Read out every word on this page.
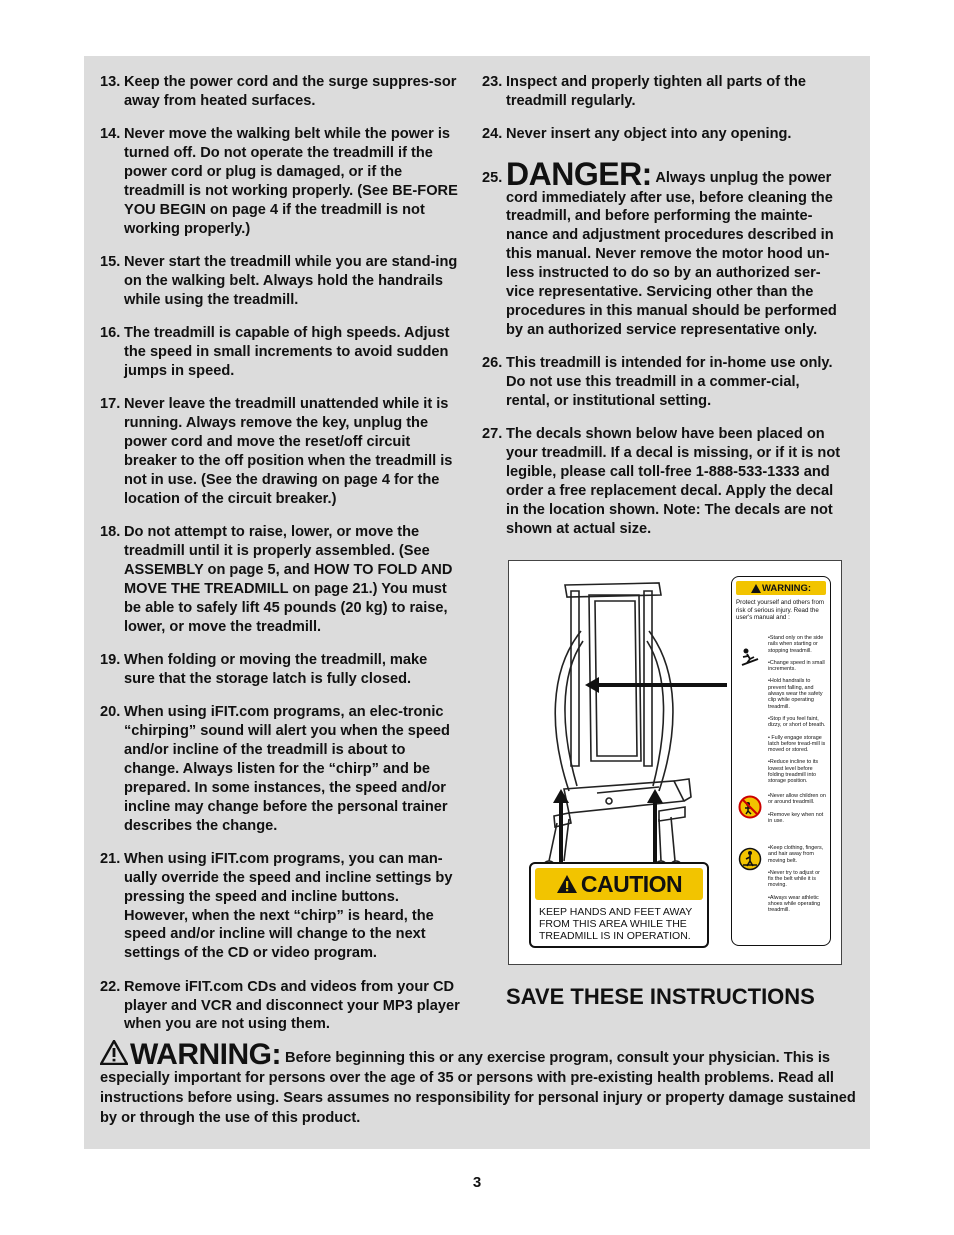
13. Keep the power cord and the surge suppres-sor away from heated surfaces.
14. Never move the walking belt while the power is turned off. Do not operate the treadmill if the power cord or plug is damaged, or if the treadmill is not working properly. (See BE-FORE YOU BEGIN on page 4 if the treadmill is not working properly.)
15. Never start the treadmill while you are stand-ing on the walking belt. Always hold the handrails while using the treadmill.
16. The treadmill is capable of high speeds. Adjust the speed in small increments to avoid sudden jumps in speed.
17. Never leave the treadmill unattended while it is running. Always remove the key, unplug the power cord and move the reset/off circuit breaker to the off position when the treadmill is not in use. (See the drawing on page 4 for the location of the circuit breaker.)
18. Do not attempt to raise, lower, or move the treadmill until it is properly assembled. (See ASSEMBLY on page 5, and HOW TO FOLD AND MOVE THE TREADMILL on page 21.) You must be able to safely lift 45 pounds (20 kg) to raise, lower, or move the treadmill.
19. When folding or moving the treadmill, make sure that the storage latch is fully closed.
20. When using iFIT.com programs, an elec-tronic “chirping” sound will alert you when the speed and/or incline of the treadmill is about to change. Always listen for the “chirp” and be prepared. In some instances, the speed and/or incline may change before the personal trainer describes the change.
21. When using iFIT.com programs, you can man-ually override the speed and incline settings by pressing the speed and incline buttons. However, when the next “chirp” is heard, the speed and/or incline will change to the next settings of the CD or video program.
22. Remove iFIT.com CDs and videos from your CD player and VCR and disconnect your MP3 player when you are not using them.
23. Inspect and properly tighten all parts of the treadmill regularly.
24. Never insert any object into any opening.
25. DANGER: Always unplug the power cord immediately after use, before cleaning the treadmill, and before performing the mainte-nance and adjustment procedures described in this manual. Never remove the motor hood un-less instructed to do so by an authorized ser-vice representative. Servicing other than the procedures in this manual should be performed by an authorized service representative only.
26. This treadmill is intended for in-home use only. Do not use this treadmill in a commer-cial, rental, or institutional setting.
27. The decals shown below have been placed on your treadmill. If a decal is missing, or if it is not legible, please call toll-free 1-888-533-1333 and order a free replacement decal. Apply the decal in the location shown. Note: The decals are not shown at actual size.
CAUTION
KEEP HANDS AND FEET AWAY FROM THIS AREA WHILE THE TREADMILL IS IN OPERATION.
WARNING:
Protect yourself and others from risk of serious injury. Read the user's manual and :
•Stand only on the side rails when starting or stopping treadmill.
•Change speed in small increments.
•Hold handrails to prevent falling, and always wear the safety clip while operating treadmill.
•Stop if you feel faint, dizzy, or short of breath.
• Fully engage storage latch before tread-mill is moved or stored.
•Reduce incline to its lowest level before folding treadmill into storage position.
•Never allow children on or around treadmill.
•Remove key when not in use.
•Keep clothing, fingers, and hair away from moving belt.
•Never try to adjust or fix the belt while it is moving.
•Always wear athletic shoes while operating treadmill.
SAVE THESE INSTRUCTIONS
WARNING: Before beginning this or any exercise program, consult your physician. This is especially important for persons over the age of 35 or persons with pre-existing health problems. Read all instructions before using. Sears assumes no responsibility for personal injury or property damage sustained by or through the use of this product.
3
